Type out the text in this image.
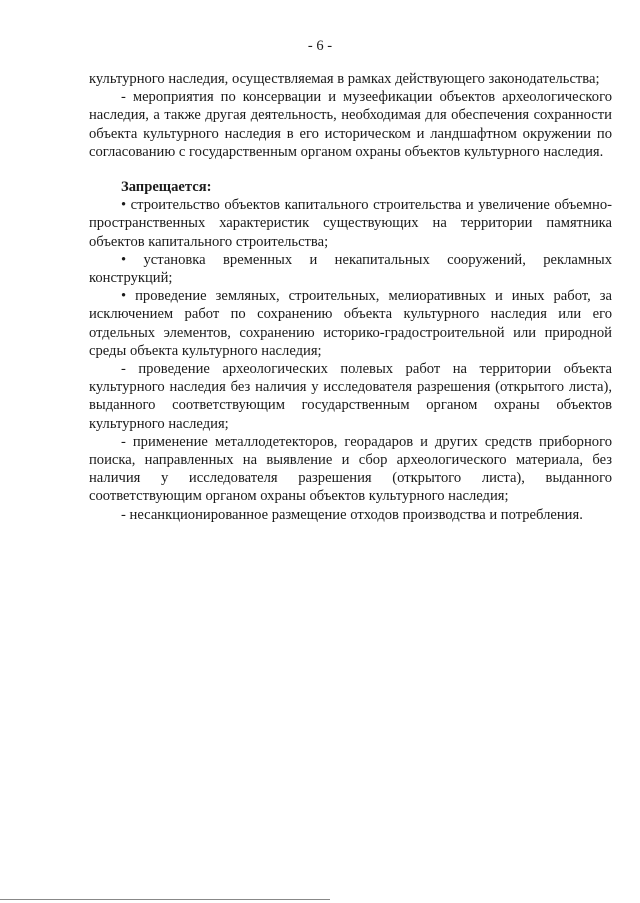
- 6 -

культурного наследия, осуществляемая в рамках действующего законодательства;

- мероприятия по консервации и музеефикации объектов археологического наследия, а также другая деятельность, необходимая для обеспечения сохранности объекта культурного наследия в его историческом и ландшафтном окружении по согласованию с государственным органом охраны объектов культурного наследия.

Запрещается:

• строительство объектов капитального строительства и увеличение объемно-пространственных характеристик существующих на территории памятника объектов капитального строительства;

• установка временных и некапитальных сооружений, рекламных конструкций;

• проведение земляных, строительных, мелиоративных и иных работ, за исключением работ по сохранению объекта культурного наследия или его отдельных элементов, сохранению историко-градостроительной или природной среды объекта культурного наследия;

- проведение археологических полевых работ на территории объекта культурного наследия без наличия у исследователя разрешения (открытого листа), выданного соответствующим государственным органом охраны объектов культурного наследия;

- применение металлодетекторов, георадаров и других средств приборного поиска, направленных на выявление и сбор археологического материала, без наличия у исследователя разрешения (открытого листа), выданного соответствующим органом охраны объектов культурного наследия;

- несанкционированное размещение отходов производства и потребления.
